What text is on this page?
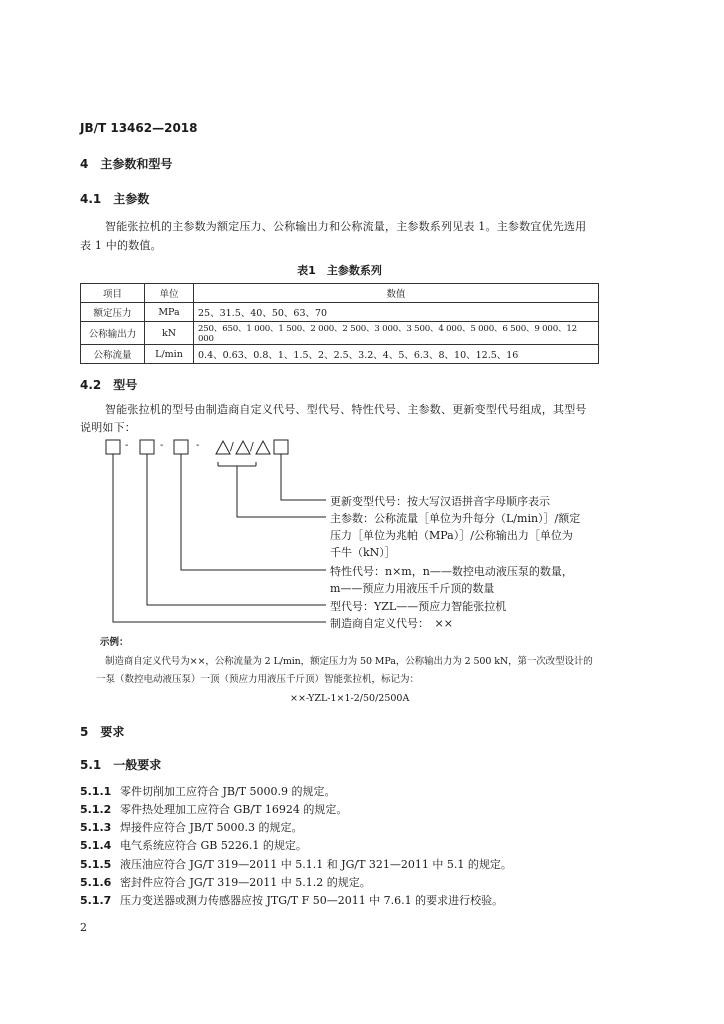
JB/T 13462—2018
4　主参数和型号
4.1　主参数
智能张拉机的主参数为额定压力、公称输出力和公称流量，主参数系列见表 1。主参数宜优先选用
表 1 中的数值。
表1　主参数系列
项目	单位	数值
额定压力	MPa	25、31.5、40、50、63、70
公称输出力	kN	250、650、1 000、1 500、2 000、2 500、3 000、3 500、4 000、5 000、6 500、9 000、12 000
公称流量	L/min	0.4、0.63、0.8、1、1.5、2、2.5、3.2、4、5、6.3、8、10、12.5、16
4.2　型号
智能张拉机的型号由制造商自定义代号、型代号、特性代号、主参数、更新变型代号组成，其型号
说明如下：
-	-	-	/ /
更新变型代号：按大写汉语拼音字母顺序表示
主参数：公称流量［单位为升每分（L/min）］/额定
压力［单位为兆帕（MPa）］/公称输出力［单位为
千牛（kN）］
特性代号：n×m，n——数控电动液压泵的数量，
m——预应力用液压千斤顶的数量
型代号：YZL——预应力智能张拉机
制造商自定义代号：　××
示例：
制造商自定义代号为××，公称流量为 2 L/min，额定压力为 50 MPa，公称输出力为 2 500 kN，第一次改型设计的
一泵（数控电动液压泵）一顶（预应力用液压千斤顶）智能张拉机，标记为：
××-YZL-1×1-2/50/2500A
5　要求
5.1　一般要求
5.1.1 零件切削加工应符合 JB/T 5000.9 的规定。
5.1.2 零件热处理加工应符合 GB/T 16924 的规定。
5.1.3 焊接件应符合 JB/T 5000.3 的规定。
5.1.4 电气系统应符合 GB 5226.1 的规定。
5.1.5 液压油应符合 JG/T 319—2011 中 5.1.1 和 JG/T 321—2011 中 5.1 的规定。
5.1.6 密封件应符合 JG/T 319—2011 中 5.1.2 的规定。
5.1.7 压力变送器或测力传感器应按 JTG/T F 50—2011 中 7.6.1 的要求进行校验。
2
